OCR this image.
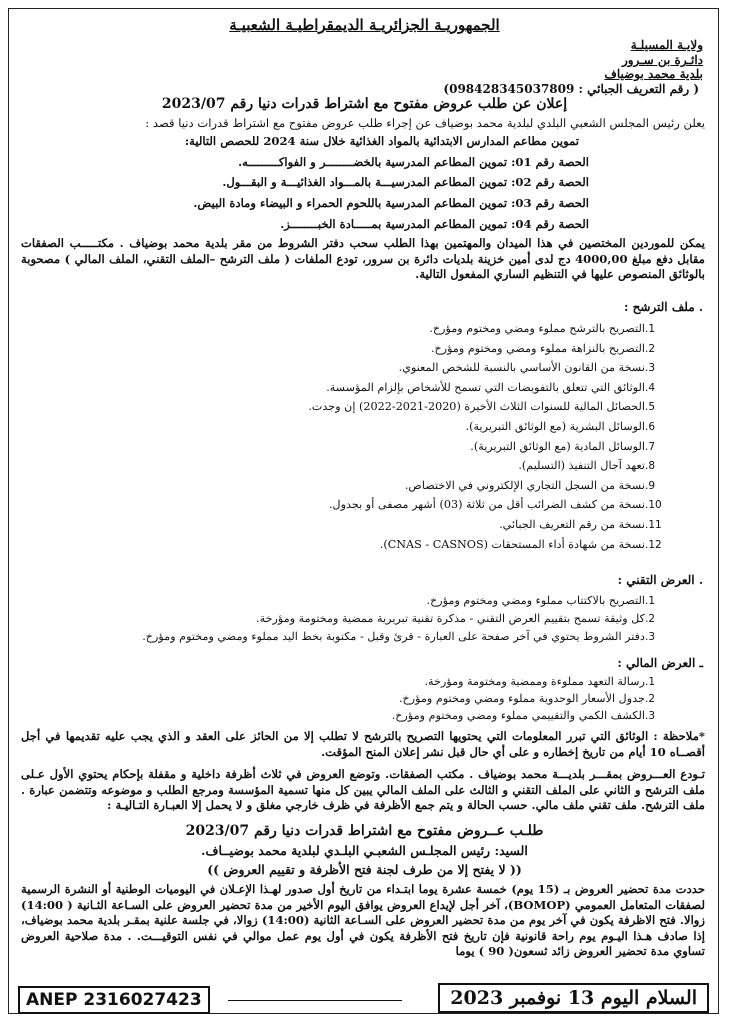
الجمهوريـة الجزائريـة الديمقراطيـة الشعبيـة
ولايـة المسيلـة
دائـرة بن سـرور
بلدية محمد بوضياف
( رقم التعريف الجبائي : 098428345037809)
إعلان عن طلب عروض مفتوح مع اشتراط قدرات دنيا رقم 2023/07
يعلن رئيس المجلس الشعبي البلدي لبلدية محمد بوضياف عن إجراء طلب عروض مفتوح مع اشتراط قدرات دنيا قصد :
تموين مطاعم المدارس الابتدائية بالمواد الغذائية خلال سنة 2024 للحصص التالية:
الحصة رقم 01: تموين المطاعم المدرسية بالخضــــــــر و الفواكـــــــــه.
الحصة رقم 02: تموين المطاعم المدرسيـــة بالمـــواد الغذائيـــة و البقـــول.
الحصة رقم 03: تموين المطاعم المدرسية باللحوم الحمراء و البيضاء ومادة البيض.
الحصة رقم 04: تموين المطاعم المدرسية بمـــــادة الخبــــــــز.
يمكن للموردين المختصين في هذا الميدان والمهتمين بهذا الطلب سحب دفتر الشروط من مقر بلدية محمد بوضياف . مكتـــــب الصفقات مقابل دفع مبلغ 4000,00 دج لدى أمين خزينة بلديات دائرة بن سرور، تودع الملفات ( ملف الترشح –الملف التقني، الملف المالي ) مصحوبة بالوثائق المنصوص عليها في التنظيم الساري المفعول التالية.
. ملف الترشح :
1.التصريح بالترشح مملوء ومضي ومختوم ومؤرخ.
2.التصريح بالنزاهة مملوء ومضي ومختوم ومؤرخ.
3.نسخة من القانون الأساسي بالنسبة للشخص المعنوي.
4.الوثائق التي تتعلق بالتفويضات التي تسمح للأشخاص بإلزام المؤسسة.
5.الحصائل المالية للسنوات الثلاث الأخيرة (2020-2021-2022) إن وجدت.
6.الوسائل البشرية (مع الوثائق التبريرية).
7.الوسائل المادية (مع الوثائق التبريرية).
8.تعهد آجال التنفيذ (التسليم).
9.نسخة من السجل التجاري الإلكتروني في الاختصاص.
10.نسخة من كشف الضرائب أقل من ثلاثة (03) أشهر مصفى أو بجدول.
11.نسخة من رقم التعريف الجبائي.
12.نسخة من شهادة أداء المستحقات (CNAS - CASNOS).
. العرض التقني :
1.التصريح بالاكتتاب مملوء ومضي ومختوم ومؤرخ.
2.كل وثيقة تسمح بتقييم العرض التقني - مذكرة تقنية تبريرية ممضية ومختومة ومؤرخة.
3.دفتر الشروط يحتوي في آخر صفحة على العبارة - قرئ وقبل - مكتوبة بخط اليد مملوء ومضي ومختوم ومؤرخ.
ـ العرض المالي :
1.رسالة التعهد مملوءة وممضية ومختومة ومؤرخة.
2.جدول الأسعار الوحدوية مملوء ومضي ومختوم ومؤرخ.
3.الكشف الكمي والتقييمي مملوء ومضي ومختوم ومؤرخ.
*ملاحظة : الوثائق التي تبرر المعلومات التي يحتويها التصريح بالترشح لا تطلب إلا من الحائز على العقد و الذي يجب عليه تقديمها في أجل أقصــاه 10 أيام من تاريخ إخطاره و على أي حال قبل نشر إعلان المنح المؤقت.
تـودع العـــروض بمقـــر بلديـــة محمد بوضياف . مكتب الصفقات. وتوضع العروض في ثلاث أظرفة داخلية و مقفلة بإحكام يحتوي الأول عـلى ملف الترشح و الثاني على الملف التقني و الثالث على الملف المالي يبين كل منها تسمية المؤسسة ومرجع الطلب و موضوعه وتتضمن عبارة . ملف الترشح. ملف تقني ملف مالي. حسب الحالة و يتم جمع الأظرفة في ظرف خارجي مغلق و لا يحمل إلا العبـارة التـاليـة :
طلـب عــروض مفتوح مع اشتراط قدرات دنيا رقم 2023/07
السيد: رئيس المجلـس الشعبـي البلـدي لبلدية محمد بوضيــاف.
(( لا يفتح إلا من طرف لجنة فتح الأظرفة و تقييم العروض ))
حددت مدة تحضير العروض بـ (15 يوم) خمسة عشرة يوما ابتـداء من تاريخ أول صدور لهـذا الإعـلان في اليوميات الوطنية أو النشرة الرسمية لصفقات المتعامل العمومي (BOMOP)، آخر أجل لإيداع العروض يوافق اليوم الأخير من مدة تحضير العروض على السـاعة الثـانية ( 14:00) زوالا. فتح الاظرفة يكون في آخر يوم من مدة تحضير العروض على السـاعة الثانية (14:00) زوالا، في جلسة علنية بمقـر بلدية محمد بوضياف، إذا صادف هـذا اليـوم يوم راحة قانونية فإن تاريخ فتح الأظرفة يكون في أول يوم عمل موالي في نفس التوقيـــت. . مدة صلاحية العروض تساوي مدة تحضير العروض زائد ثسعون( 90 ) يوما
ANEP 2316027423	السلام اليوم 13 نوفمبر 2023
